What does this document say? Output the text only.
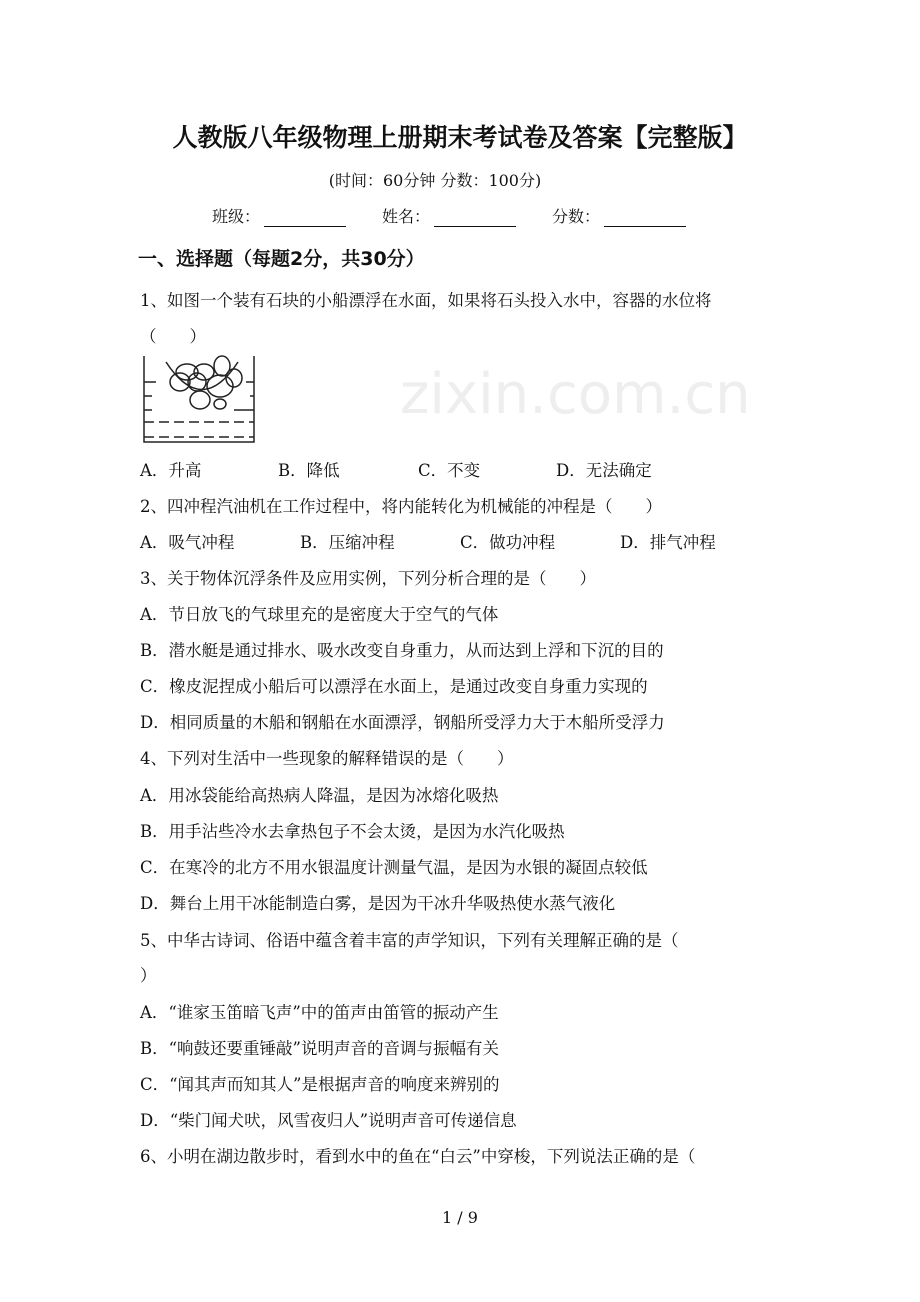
zixin.com.cn
人教版八年级物理上册期末考试卷及答案【完整版】
(时间：60分钟 分数：100分)
班级：	姓名：	分数：
一、选择题（每题2分，共30分）
1、如图一个装有石块的小船漂浮在水面，如果将石头投入水中，容器的水位将
（　　）
A．升高	B．降低	C．不变	D．无法确定
2、四冲程汽油机在工作过程中，将内能转化为机械能的冲程是（　　）
A．吸气冲程	B．压缩冲程	C．做功冲程	D．排气冲程
3、关于物体沉浮条件及应用实例，下列分析合理的是（　　）
A．节日放飞的气球里充的是密度大于空气的气体
B．潜水艇是通过排水、吸水改变自身重力，从而达到上浮和下沉的目的
C．橡皮泥捏成小船后可以漂浮在水面上，是通过改变自身重力实现的
D．相同质量的木船和钢船在水面漂浮，钢船所受浮力大于木船所受浮力
4、下列对生活中一些现象的解释错误的是（　　）
A．用冰袋能给高热病人降温，是因为冰熔化吸热
B．用手沾些冷水去拿热包子不会太烫，是因为水汽化吸热
C．在寒冷的北方不用水银温度计测量气温，是因为水银的凝固点较低
D．舞台上用干冰能制造白雾，是因为干冰升华吸热使水蒸气液化
5、中华古诗词、俗语中蕴含着丰富的声学知识，下列有关理解正确的是（
）
A．“谁家玉笛暗飞声”中的笛声由笛管的振动产生
B．“响鼓还要重锤敲”说明声音的音调与振幅有关
C．“闻其声而知其人”是根据声音的响度来辨别的
D．“柴门闻犬吠，风雪夜归人”说明声音可传递信息
6、小明在湖边散步时，看到水中的鱼在“白云”中穿梭，下列说法正确的是（
1 / 9
